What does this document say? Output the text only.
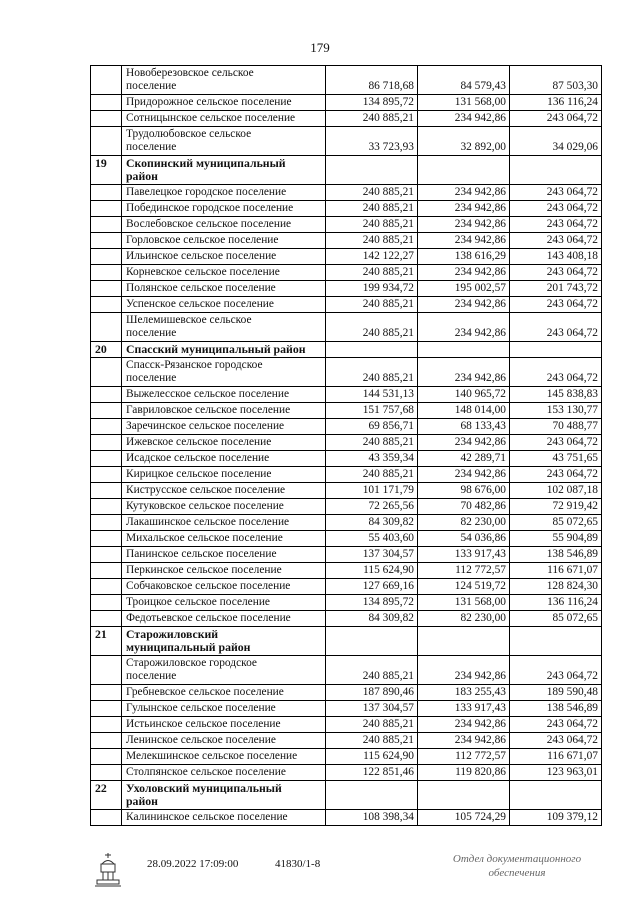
179
	Новоберезовское сельское
поселение	86 718,68	84 579,43	87 503,30
	Придорожное сельское поселение	134 895,72	131 568,00	136 116,24
	Сотницынское сельское поселение	240 885,21	234 942,86	243 064,72
	Трудолюбовское сельское
поселение	33 723,93	32 892,00	34 029,06
19	Скопинский муниципальный
район			
	Павелецкое городское поселение	240 885,21	234 942,86	243 064,72
	Побединское городское поселение	240 885,21	234 942,86	243 064,72
	Вослебовское сельское поселение	240 885,21	234 942,86	243 064,72
	Горловское сельское поселение	240 885,21	234 942,86	243 064,72
	Ильинское сельское поселение	142 122,27	138 616,29	143 408,18
	Корневское сельское поселение	240 885,21	234 942,86	243 064,72
	Полянское сельское поселение	199 934,72	195 002,57	201 743,72
	Успенское сельское поселение	240 885,21	234 942,86	243 064,72
	Шелемишевское сельское
поселение	240 885,21	234 942,86	243 064,72
20	Спасский муниципальный район			
	Спасск-Рязанское городское
поселение	240 885,21	234 942,86	243 064,72
	Выжелесское сельское поселение	144 531,13	140 965,72	145 838,83
	Гавриловское сельское поселение	151 757,68	148 014,00	153 130,77
	Заречинское сельское поселение	69 856,71	68 133,43	70 488,77
	Ижевское сельское поселение	240 885,21	234 942,86	243 064,72
	Исадское сельское поселение	43 359,34	42 289,71	43 751,65
	Кирицкое сельское поселение	240 885,21	234 942,86	243 064,72
	Киструсское сельское поселение	101 171,79	98 676,00	102 087,18
	Кутуковское сельское поселение	72 265,56	70 482,86	72 919,42
	Лакашинское сельское поселение	84 309,82	82 230,00	85 072,65
	Михальское сельское поселение	55 403,60	54 036,86	55 904,89
	Панинское сельское поселение	137 304,57	133 917,43	138 546,89
	Перкинское сельское поселение	115 624,90	112 772,57	116 671,07
	Собчаковское сельское поселение	127 669,16	124 519,72	128 824,30
	Троицкое сельское поселение	134 895,72	131 568,00	136 116,24
	Федотьевское сельское поселение	84 309,82	82 230,00	85 072,65
21	Старожиловский
муниципальный район			
	Старожиловское городское
поселение	240 885,21	234 942,86	243 064,72
	Гребневское сельское поселение	187 890,46	183 255,43	189 590,48
	Гулынское сельское поселение	137 304,57	133 917,43	138 546,89
	Истьинское сельское поселение	240 885,21	234 942,86	243 064,72
	Ленинское сельское поселение	240 885,21	234 942,86	243 064,72
	Мелекшинское сельское поселение	115 624,90	112 772,57	116 671,07
	Столпянское сельское поселение	122 851,46	119 820,86	123 963,01
22	Ухоловский муниципальный
район			
	Калининское сельское поселение	108 398,34	105 724,29	109 379,12
28.09.2022 17:09:00	41830/1-8	Отдел документационного
обеспечения
